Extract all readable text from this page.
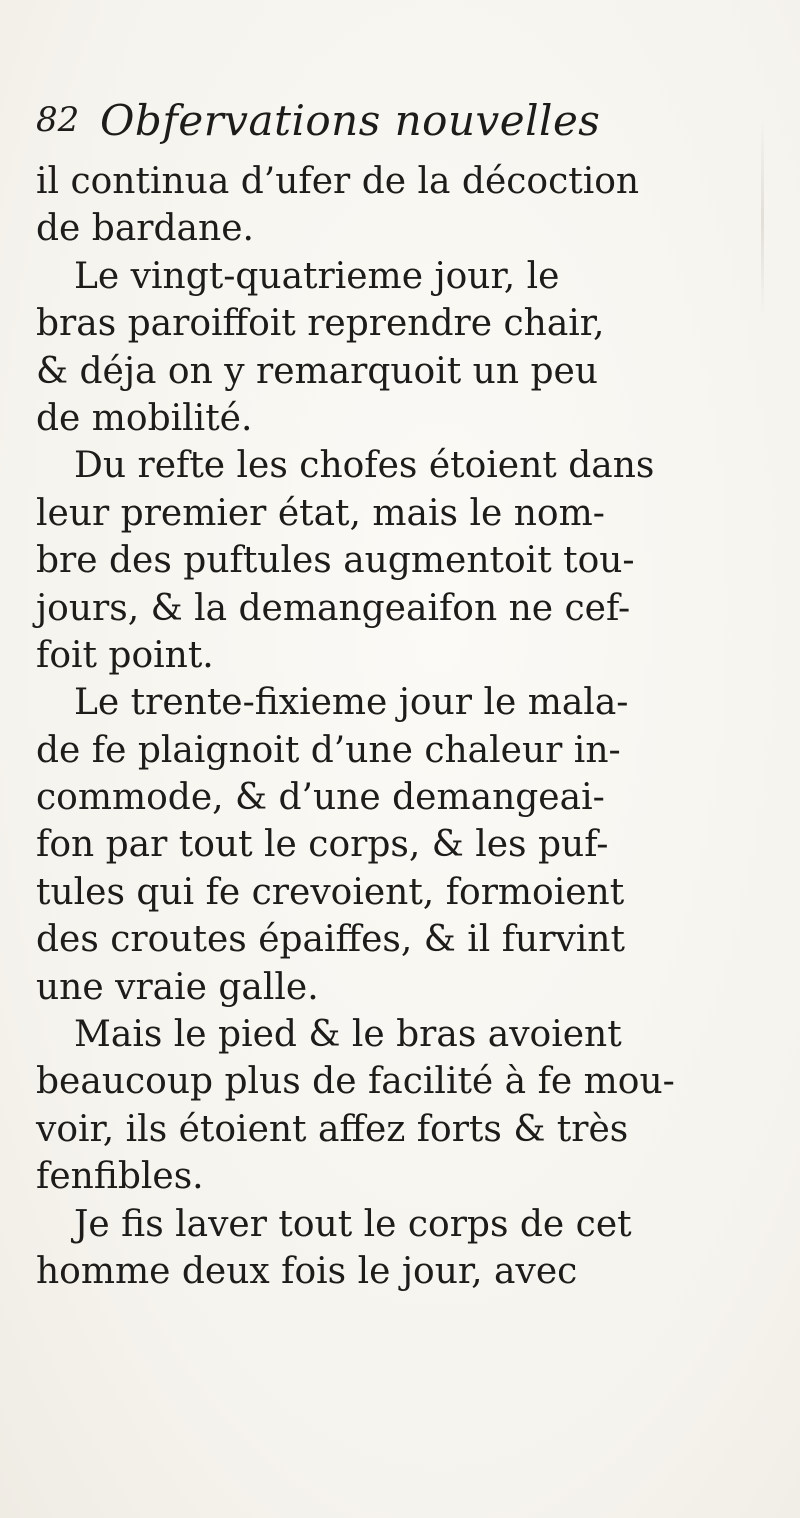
82 Obfervations nouvelles
il continua d’ufer de la décoction
de bardane.
Le vingt-quatrieme jour, le
bras paroiffoit reprendre chair,
& déja on y remarquoit un peu
de mobilité.
Du refte les chofes étoient dans
leur premier état, mais le nom-
bre des puftules augmentoit tou-
jours, & la demangeaifon ne cef-
foit point.
Le trente-fixieme jour le mala-
de fe plaignoit d’une chaleur in-
commode, & d’une demangeai-
fon par tout le corps, & les puf-
tules qui fe crevoient, formoient
des croutes épaiffes, & il furvint
une vraie galle.
Mais le pied & le bras avoient
beaucoup plus de facilité à fe mou-
voir, ils étoient affez forts & très
fenfibles.
Je fis laver tout le corps de cet
homme deux fois le jour, avec
